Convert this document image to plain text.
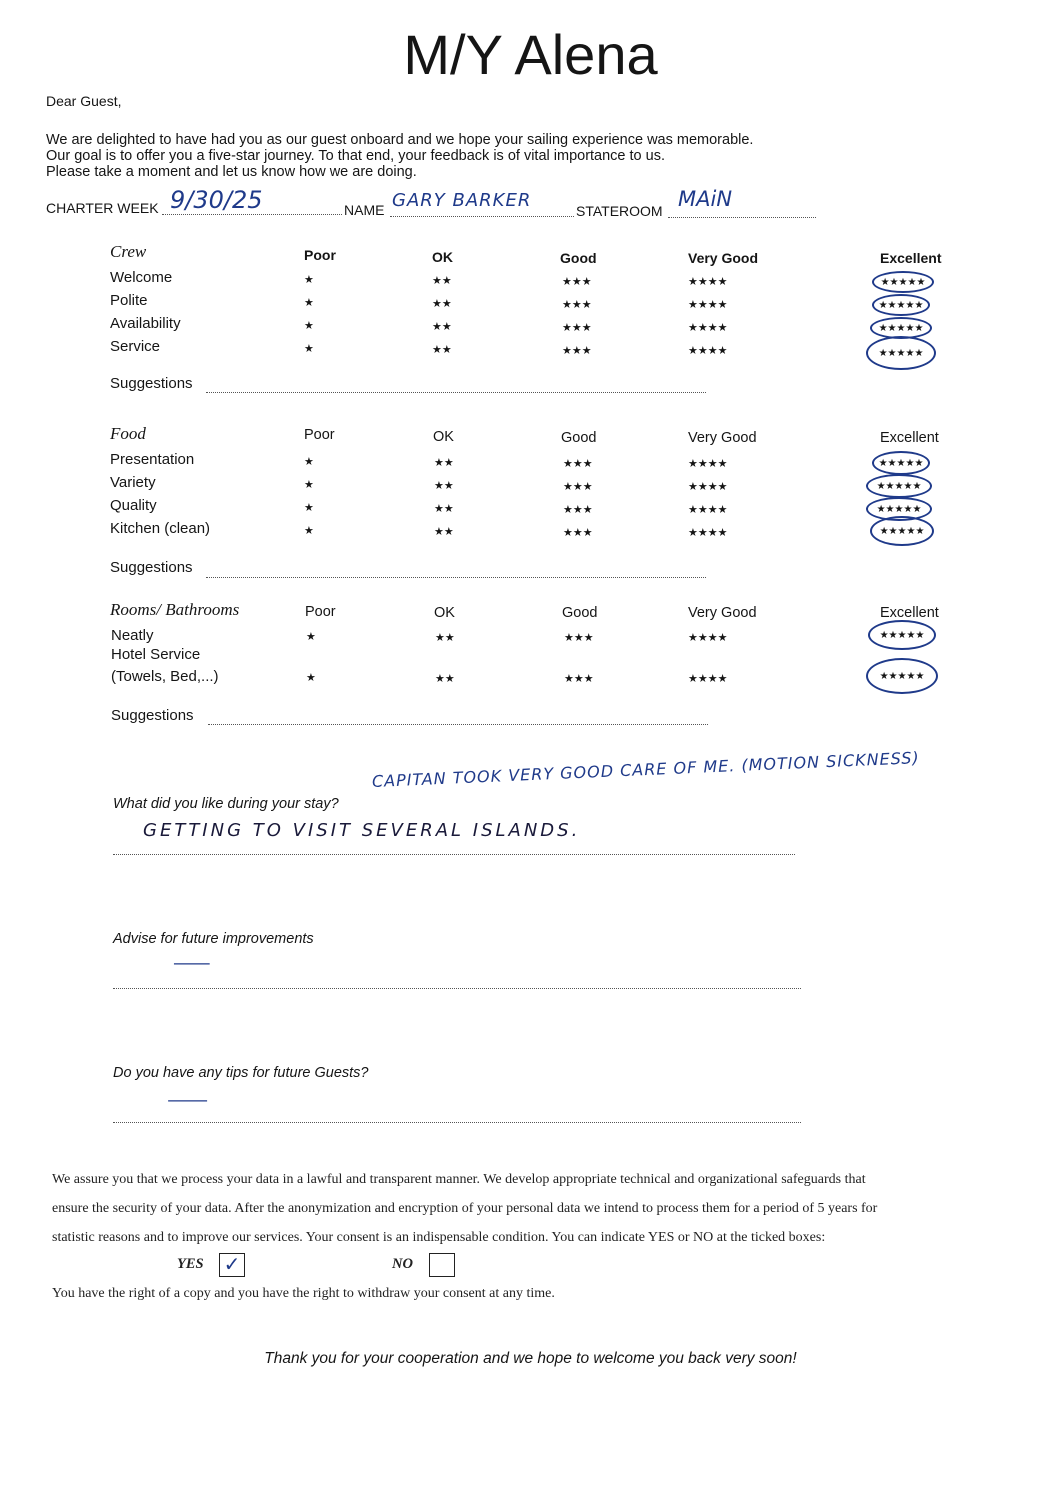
M/Y Alena
Dear Guest,
We are delighted to have had you as our guest onboard and we hope your sailing experience was memorable.
Our goal is to offer you a five-star journey. To that end, your feedback is of vital importance to us.
Please take a moment and let us know how we are doing.
CHARTER WEEK 9/30/25	NAME GARY BARKER	STATEROOM MAiN
Crew	Poor	OK	Good	Very Good	Excellent
Welcome	★	★★	★★★	★★★★	★★★★★
Polite	★	★★	★★★	★★★★	★★★★★
Availability	★	★★	★★★	★★★★	★★★★★
Service	★	★★	★★★	★★★★	★★★★★
Suggestions
Food	Poor	OK	Good	Very Good	Excellent
Presentation	★	★★	★★★	★★★★	★★★★★
Variety	★	★★	★★★	★★★★	★★★★★
Quality	★	★★	★★★	★★★★	★★★★★
Kitchen (clean)	★	★★	★★★	★★★★	★★★★★
Suggestions
Rooms/ Bathrooms	Poor	OK	Good	Very Good	Excellent
Neatly	★	★★	★★★	★★★★	★★★★★
Hotel Service
(Towels, Bed,...)	★	★★	★★★	★★★★	★★★★★
Suggestions
What did you like during your stay?
CAPITAN TOOK VERY GOOD CARE OF ME. (MOTION SICKNESS)
GETTING TO VISIT SEVERAL ISLANDS.
Advise for future improvements
—
Do you have any tips for future Guests?
—
We assure you that we process your data in a lawful and transparent manner. We develop appropriate technical and organizational safeguards that
ensure the security of your data. After the anonymization and encryption of your personal data we intend to process them for a period of 5 years for
statistic reasons and to improve our services. Your consent is an indispensable condition. You can indicate YES or NO at the ticked boxes:
YES ✓	NO
You have the right of a copy and you have the right to withdraw your consent at any time.
Thank you for your cooperation and we hope to welcome you back very soon!
